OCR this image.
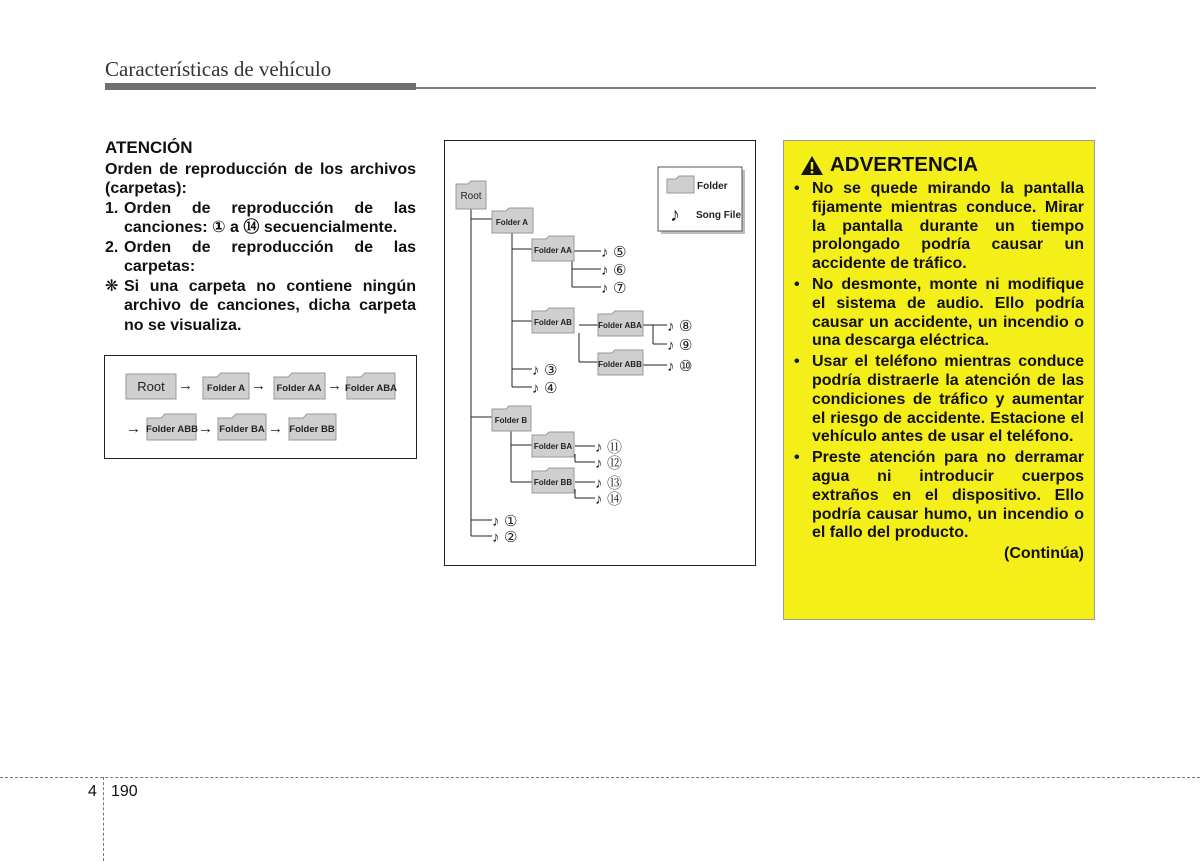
Características de vehículo
ATENCIÓN
Orden de reproducción de los archivos (carpetas):
1. Orden de reproducción de las canciones: ① a ⑭ secuencialmente.
2. Orden de reproducción de las carpetas:
❋ Si una carpeta no contiene ningún archivo de canciones, dicha carpeta no se visualiza.
Root → Folder A → Folder AA → Folder ABA
→ Folder ABB → Folder BA → Folder BB
Folder
♪ Song File
Root
Folder A
Folder AA
Folder AB	Folder ABA
Folder ABB
Folder B
Folder BA
Folder BB
♪ ⑤
♪ ⑥
♪ ⑦
♪ ⑧
♪ ⑨
♪ ⑩
♪ ③
♪ ④
♪ ⑪
♪ ⑫
♪ ⑬
♪ ⑭
♪ ①
♪ ②
ADVERTENCIA
• No se quede mirando la pantalla fijamente mientras conduce. Mirar la pantalla durante un tiempo prolongado podría causar un accidente de tráfico.
• No desmonte, monte ni modifique el sistema de audio. Ello podría causar un accidente, un incendio o una descarga eléctrica.
• Usar el teléfono mientras conduce podría distraerle la atención de las condiciones de tráfico y aumentar el riesgo de accidente. Estacione el vehículo antes de usar el teléfono.
• Preste atención para no derramar agua ni introducir cuerpos extraños en el dispositivo. Ello podría causar humo, un incendio o el fallo del producto.
(Continúa)
4 190
